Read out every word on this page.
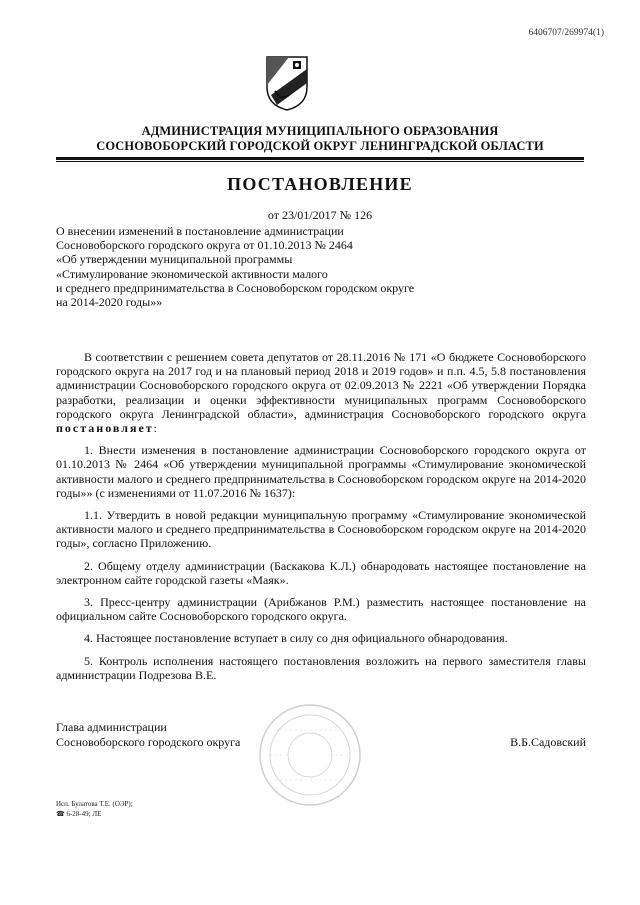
6406707/269974(1)
АДМИНИСТРАЦИЯ МУНИЦИПАЛЬНОГО ОБРАЗОВАНИЯ
СОСНОВОБОРСКИЙ ГОРОДСКОЙ ОКРУГ ЛЕНИНГРАДСКОЙ ОБЛАСТИ
ПОСТАНОВЛЕНИЕ
от 23/01/2017 № 126
О внесении изменений в постановление администрации
Сосновоборского городского округа от 01.10.2013 № 2464
«Об утверждении муниципальной программы
«Стимулирование экономической активности малого
и среднего предпринимательства в Сосновоборском городском округе
на 2014-2020 годы»»

В соответствии с решением совета депутатов от 28.11.2016 № 171 «О бюджете Сосновоборского городского округа на 2017 год и на плановый период 2018 и 2019 годов» и п.п. 4.5, 5.8 постановления администрации Сосновоборского городского округа от 02.09.2013 № 2221 «Об утверждении Порядка разработки, реализации и оценки эффективности муниципальных программ Сосновоборского городского округа Ленинградской области», администрация Сосновоборского городского округа постановляет:

1. Внести изменения в постановление администрации Сосновоборского городского округа от 01.10.2013 № 2464 «Об утверждении муниципальной программы «Стимулирование экономической активности малого и среднего предпринимательства в Сосновоборском городском округе на 2014-2020 годы»» (с изменениями от 11.07.2016 № 1637):

1.1. Утвердить в новой редакции муниципальную программу «Стимулирование экономической активности малого и среднего предпринимательства в Сосновоборском городском округе на 2014-2020 годы», согласно Приложению.

2. Общему отделу администрации (Баскакова К.Л.) обнародовать настоящее постановление на электронном сайте городской газеты «Маяк».

3. Пресс-центру администрации (Арибжанов Р.М.) разместить настоящее постановление на официальном сайте Сосновоборского городского округа.

4. Настоящее постановление вступает в силу со дня официального обнародования.

5. Контроль исполнения настоящего постановления возложить на первого заместителя главы администрации Подрезова В.Е.

Глава администрации
Сосновоборского городского округа	В.Б.Садовский
Исп. Булатова Т.Е. (ОЭР);
☎ 6-28-49; ЛЕ
